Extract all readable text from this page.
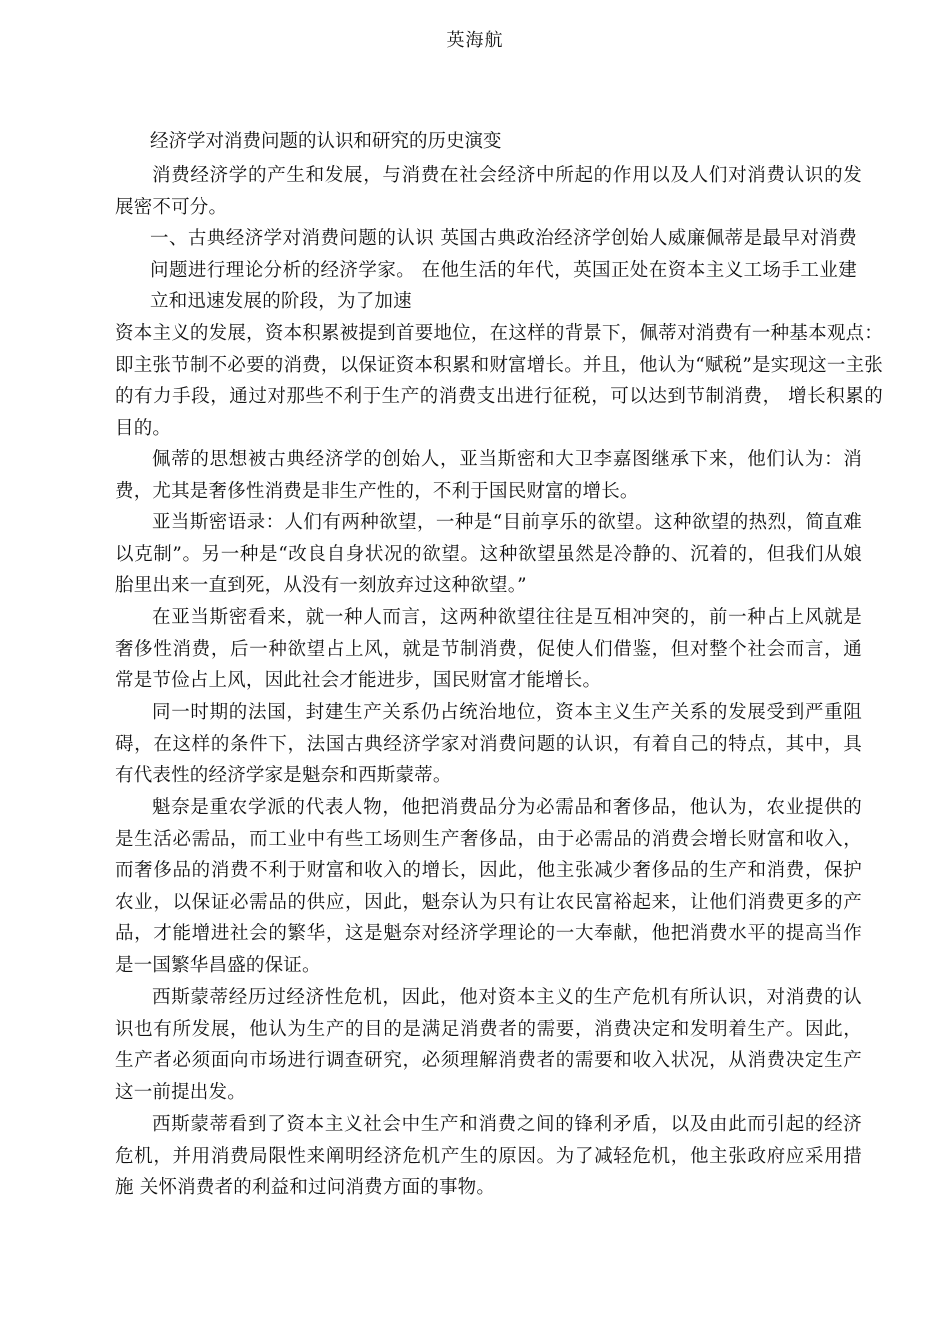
英海航
经济学对消费问题的认识和研究的历史演变

消费经济学的产生和发展，与消费在社会经济中所起的作用以及人们对消费认识的发展密不可分。

一、古典经济学对消费问题的认识 英国古典政治经济学创始人威廉佩蒂是最早对消费问题进行理论分析的经济学家。 在他生活的年代，英国正处在资本主义工场手工业建立和迅速发展的阶段，为了加速

资本主义的发展，资本积累被提到首要地位，在这样的背景下，佩蒂对消费有一种基本观点：即主张节制不必要的消费，以保证资本积累和财富增长。并且，他认为“赋税”是实现这一主张的有力手段，通过对那些不利于生产的消费支出进行征税，可以达到节制消费， 增长积累的目的。

佩蒂的思想被古典经济学的创始人，亚当斯密和大卫李嘉图继承下来，他们认为：消费，尤其是奢侈性消费是非生产性的，不利于国民财富的增长。

亚当斯密语录：人们有两种欲望，一种是“目前享乐的欲望。这种欲望的热烈，简直难以克制”。另一种是“改良自身状况的欲望。这种欲望虽然是冷静的、沉着的，但我们从娘胎里出来一直到死，从没有一刻放弃过这种欲望。”

在亚当斯密看来，就一种人而言，这两种欲望往往是互相冲突的，前一种占上风就是奢侈性消费，后一种欲望占上风，就是节制消费，促使人们借鉴，但对整个社会而言，通常是节俭占上风，因此社会才能进步，国民财富才能增长。

同一时期的法国，封建生产关系仍占统治地位，资本主义生产关系的发展受到严重阻碍，在这样的条件下，法国古典经济学家对消费问题的认识，有着自己的特点，其中，具有代表性的经济学家是魁奈和西斯蒙蒂。

魁奈是重农学派的代表人物，他把消费品分为必需品和奢侈品，他认为，农业提供的是生活必需品，而工业中有些工场则生产奢侈品，由于必需品的消费会增长财富和收入，而奢侈品的消费不利于财富和收入的增长，因此，他主张减少奢侈品的生产和消费，保护农业，以保证必需品的供应，因此，魁奈认为只有让农民富裕起来，让他们消费更多的产品，才能增进社会的繁华，这是魁奈对经济学理论的一大奉献，他把消费水平的提高当作是一国繁华昌盛的保证。

西斯蒙蒂经历过经济性危机，因此，他对资本主义的生产危机有所认识，对消费的认识也有所发展，他认为生产的目的是满足消费者的需要，消费决定和发明着生产。因此，生产者必须面向市场进行调查研究，必须理解消费者的需要和收入状况，从消费决定生产这一前提出发。

西斯蒙蒂看到了资本主义社会中生产和消费之间的锋利矛盾，以及由此而引起的经济危机，并用消费局限性来阐明经济危机产生的原因。为了减轻危机，他主张政府应采用措施 关怀消费者的利益和过问消费方面的事物。
